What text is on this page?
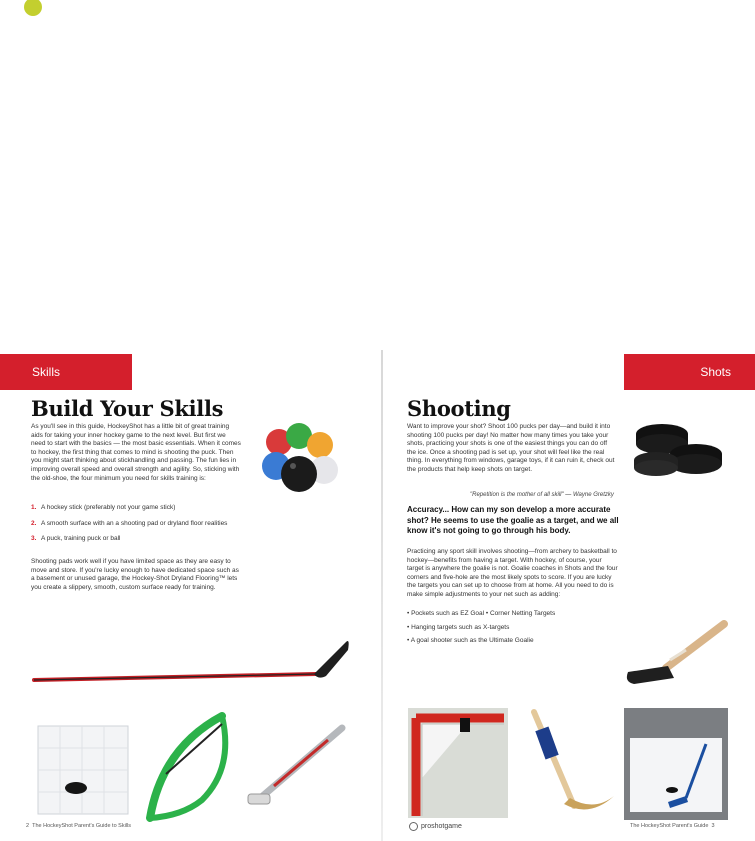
Skills
Build Your Skills
As you'll see in this guide, HockeyShot has a little bit of great training aids for taking your inner hockey game to the next level. But first we need to start with the basics — the most basic essentials. When it comes to hockey, the first thing that comes to mind is shooting the puck. Then you might start thinking about stickhandling and passing. The fun lies in improving overall speed and overall strength and agility. So, sticking with the old-shoe, the four minimum you need for skills training is:
1. A hockey stick (preferably not your game stick)
2. A smooth surface with an a shooting pad or dryland floor realities
3. A puck, training puck or ball
Shooting pads work well if you have limited space as they are easy to move and store. If you're lucky enough to have dedicated space such as a basement or unused garage, the Hockey-Shot Dryland Flooring™ lets you create a slippery, smooth, custom surface ready for training.
2 The HockeyShot Parent's Guide to Skills
Shots
Shooting
Want to improve your shot? Shoot 100 pucks per day—and build it into shooting 100 pucks per day! No matter how many times you take your shots, practicing your shots is one of the easiest things you can do off the ice. Once a shooting pad is set up, your shot will feel like the real thing. In everything from windows, garage toys, if it can ruin it, check out the products that help keep shots on target.
"Repetition is the mother of all skill" — Wayne Gretzky
Accuracy... How can my son develop a more accurate shot? He seems to use the goalie as a target, and we all know it's not going to go through his body.
Practicing any sport skill involves shooting—from archery to basketball to hockey—benefits from having a target. With hockey, of course, your target is anywhere the goalie is not. Goalie coaches in Shots and the four corners and five-hole are the most likely spots to score. If you are lucky the targets you can set up to choose from at home. All you need to do is make simple adjustments to your net such as adding:
• Pockets such as EZ Goal • Corner Netting Targets
• Hanging targets such as X-targets
• A goal shooter such as the Ultimate Goalie
proshotgame	The HockeyShot Parent's Guide 3
